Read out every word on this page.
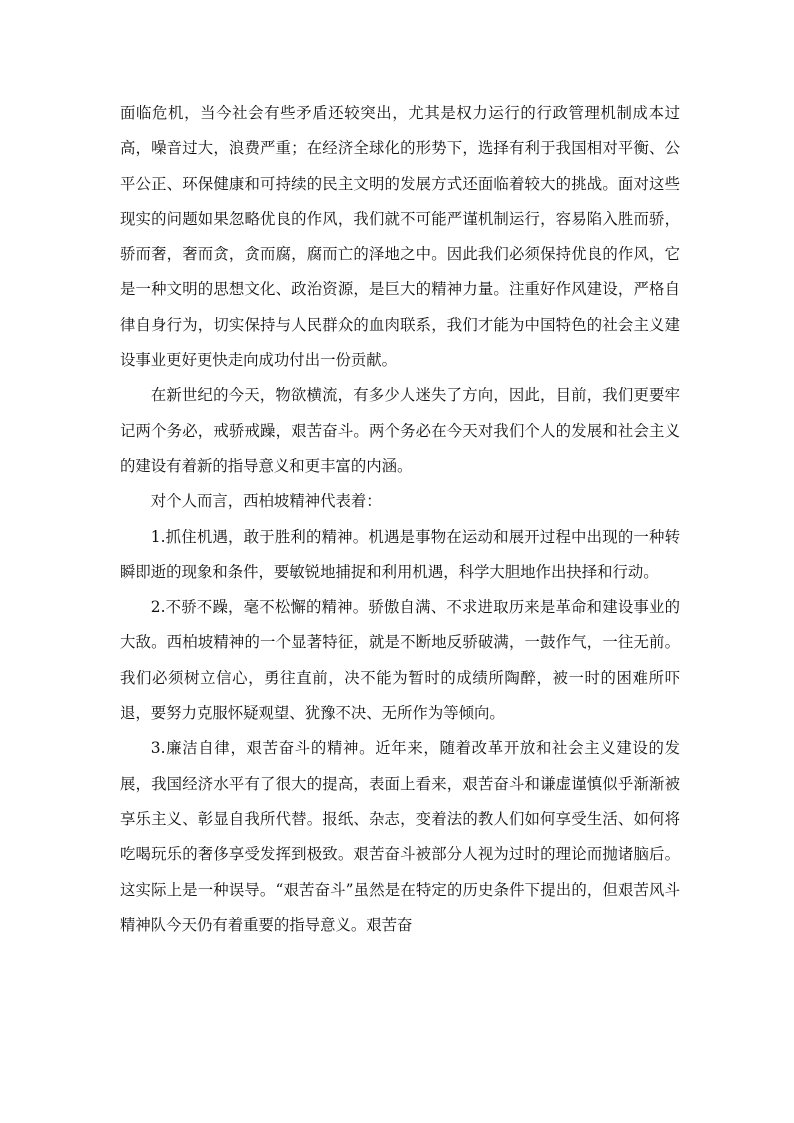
面临危机，当今社会有些矛盾还较突出，尤其是权力运行的行政管理机制成本过高，噪音过大，浪费严重；在经济全球化的形势下，选择有利于我国相对平衡、公平公正、环保健康和可持续的民主文明的发展方式还面临着较大的挑战。面对这些现实的问题如果忽略优良的作风，我们就不可能严谨机制运行，容易陷入胜而骄，骄而奢，奢而贪，贪而腐，腐而亡的泽地之中。因此我们必须保持优良的作风，它是一种文明的思想文化、政治资源，是巨大的精神力量。注重好作风建设，严格自律自身行为，切实保持与人民群众的血肉联系，我们才能为中国特色的社会主义建设事业更好更快走向成功付出一份贡献。

在新世纪的今天，物欲横流，有多少人迷失了方向，因此，目前，我们更要牢记两个务必，戒骄戒躁，艰苦奋斗。两个务必在今天对我们个人的发展和社会主义的建设有着新的指导意义和更丰富的内涵。

对个人而言，西柏坡精神代表着：

1.抓住机遇，敢于胜利的精神。机遇是事物在运动和展开过程中出现的一种转瞬即逝的现象和条件，要敏锐地捕捉和利用机遇，科学大胆地作出抉择和行动。

2.不骄不躁，毫不松懈的精神。骄傲自满、不求进取历来是革命和建设事业的大敌。西柏坡精神的一个显著特征，就是不断地反骄破满，一鼓作气，一往无前。我们必须树立信心，勇往直前，决不能为暂时的成绩所陶醉，被一时的困难所吓退，要努力克服怀疑观望、犹豫不决、无所作为等倾向。

3.廉洁自律，艰苦奋斗的精神。近年来，随着改革开放和社会主义建设的发展，我国经济水平有了很大的提高，表面上看来，艰苦奋斗和谦虚谨慎似乎渐渐被享乐主义、彰显自我所代替。报纸、杂志，变着法的教人们如何享受生活、如何将吃喝玩乐的奢侈享受发挥到极致。艰苦奋斗被部分人视为过时的理论而抛诸脑后。这实际上是一种误导。“艰苦奋斗”虽然是在特定的历史条件下提出的，但艰苦风斗精神队今天仍有着重要的指导意义。艰苦奋
